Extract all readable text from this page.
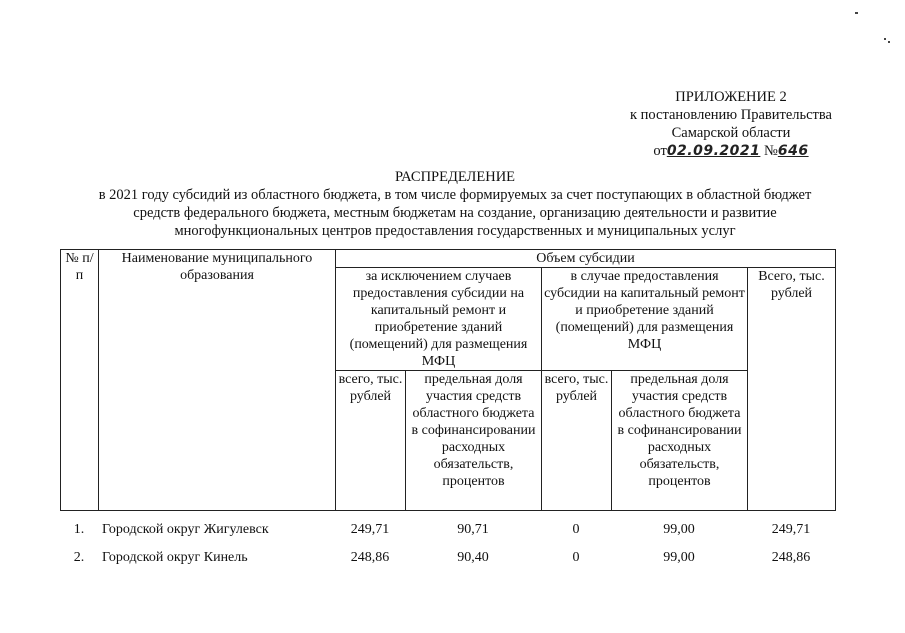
ПРИЛОЖЕНИЕ 2
к постановлению Правительства
Самарской области
от02.09.2021 №646
РАСПРЕДЕЛЕНИЕ
в 2021 году субсидий из областного бюджета, в том числе формируемых за счет поступающих в областной бюджет
средств федерального бюджета, местным бюджетам на создание, организацию деятельности и развитие
многофункциональных центров предоставления государственных и муниципальных услуг
№ п/п	Наименование муниципального образования	Объем субсидии				
		за исключением случаев предоставления субсидии на капитальный ремонт и приобретение зданий (помещений) для размещения МФЦ		в случае предоставления субсидии на капитальный ремонт и приобретение зданий (помещений) для размещения МФЦ		Всего, тыс. рублей
		всего, тыс. рублей	предельная доля участия средств областного бюджета в софинансировании расходных обязательств, процентов	всего, тыс. рублей	предельная доля участия средств областного бюджета в софинансировании расходных обязательств, процентов	
1.	Городской округ Жигулевск	249,71	90,71	0	99,00	249,71
2.	Городской округ Кинель	248,86	90,40	0	99,00	248,86
